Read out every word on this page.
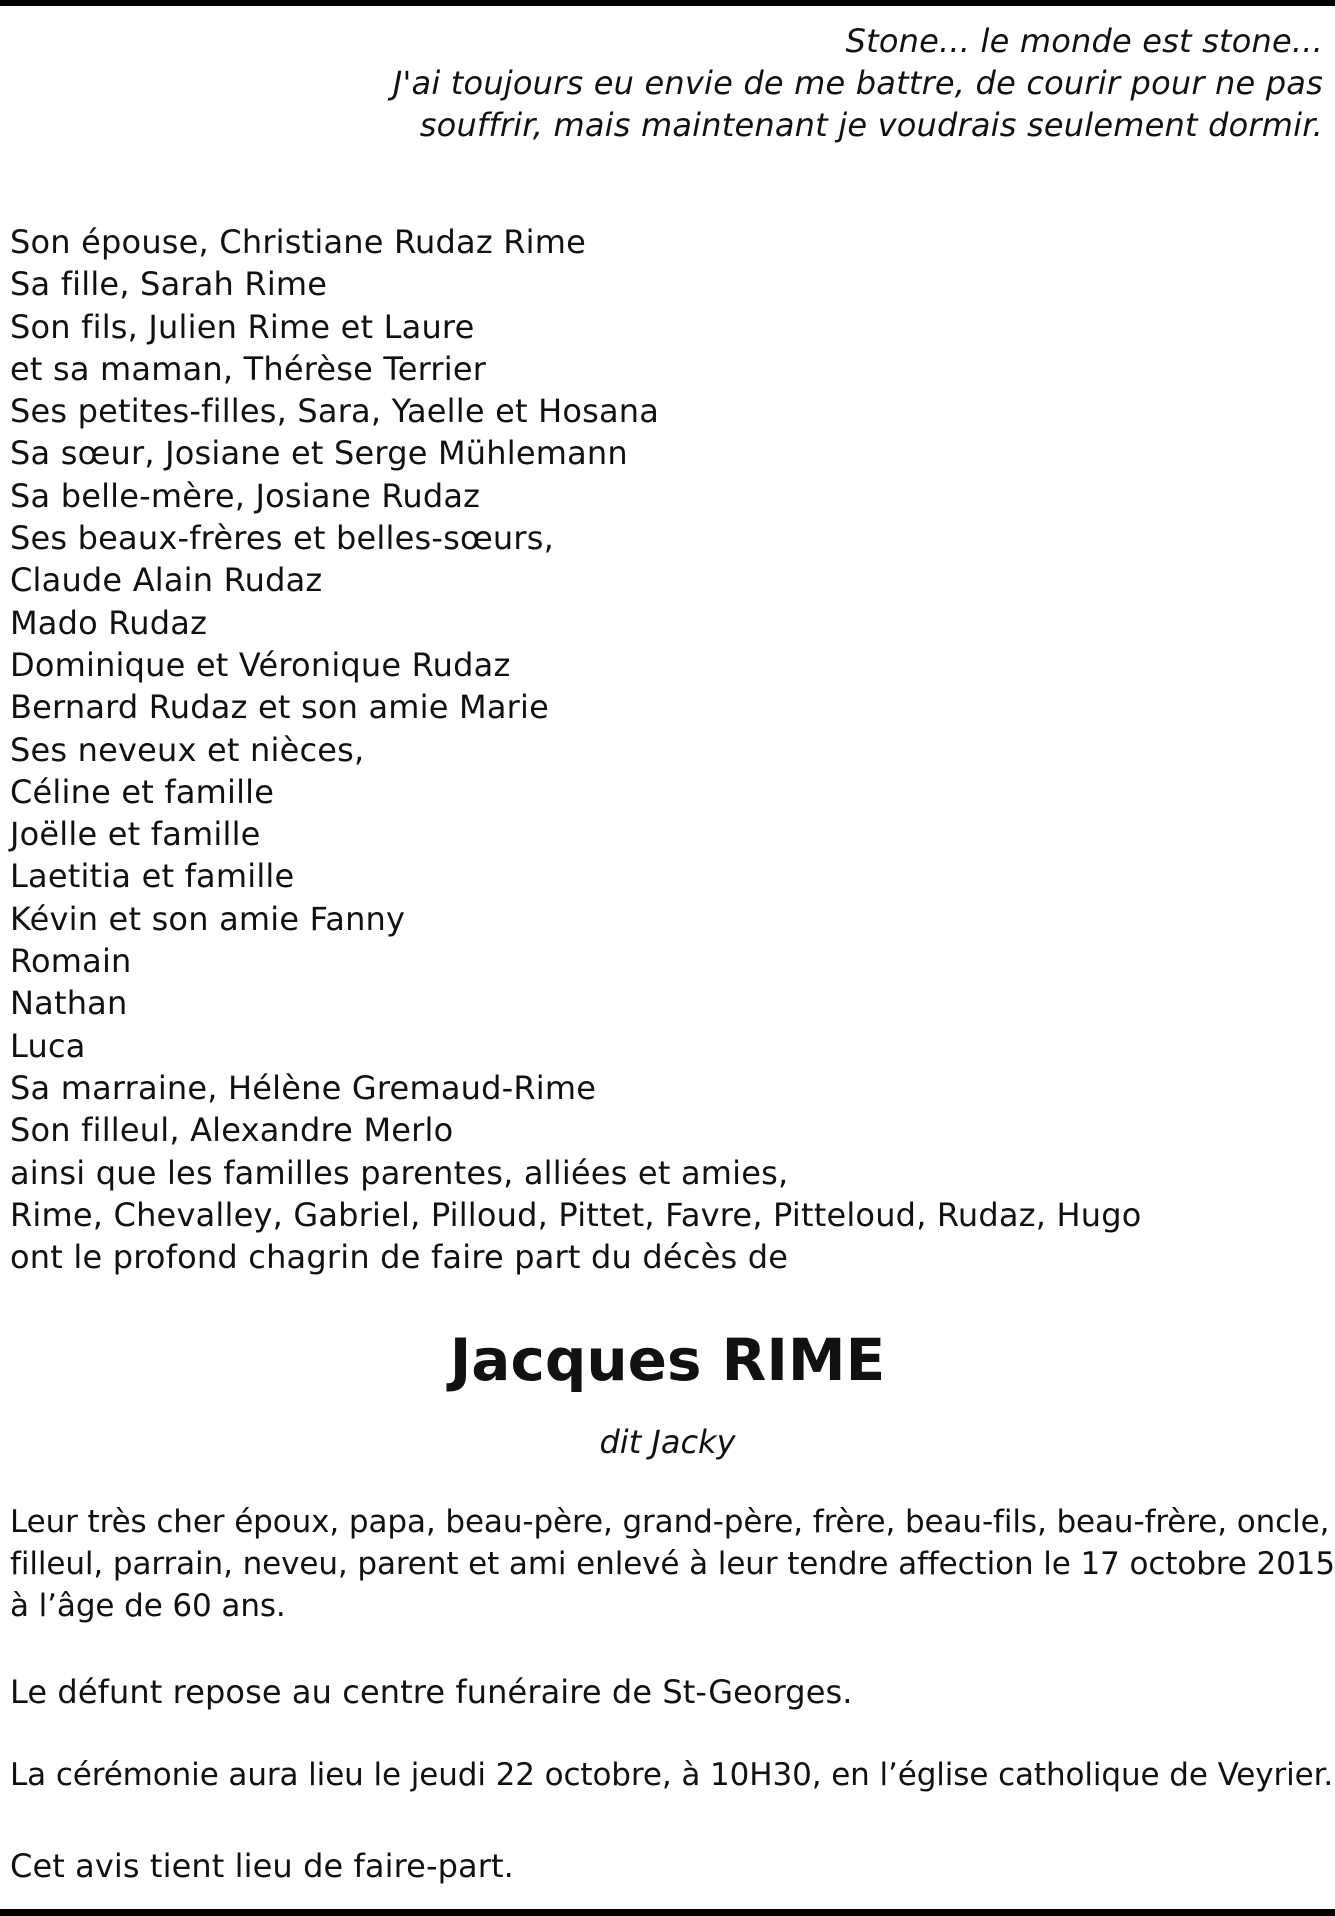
Stone... le monde est stone...
J'ai toujours eu envie de me battre, de courir pour ne pas
souffrir, mais maintenant je voudrais seulement dormir.
Son épouse, Christiane Rudaz Rime
Sa fille, Sarah Rime
Son fils, Julien Rime et Laure
et sa maman, Thérèse Terrier
Ses petites-filles, Sara, Yaelle et Hosana
Sa sœur, Josiane et Serge Mühlemann
Sa belle-mère, Josiane Rudaz
Ses beaux-frères et belles-sœurs,
Claude Alain Rudaz
Mado Rudaz
Dominique et Véronique Rudaz
Bernard Rudaz et son amie Marie
Ses neveux et nièces,
Céline et famille
Joëlle et famille
Laetitia et famille
Kévin et son amie Fanny
Romain
Nathan
Luca
Sa marraine, Hélène Gremaud-Rime
Son filleul, Alexandre Merlo
ainsi que les familles parentes, alliées et amies,
Rime, Chevalley, Gabriel, Pilloud, Pittet, Favre, Pitteloud, Rudaz, Hugo
ont le profond chagrin de faire part du décès de
Jacques RIME
dit Jacky
Leur très cher époux, papa, beau-père, grand-père, frère, beau-fils, beau-frère, oncle,
filleul, parrain, neveu, parent et ami enlevé à leur tendre affection le 17 octobre 2015
à l’âge de 60 ans.
Le défunt repose au centre funéraire de St-Georges.
La cérémonie aura lieu le jeudi 22 octobre, à 10H30, en l’église catholique de Veyrier.
Cet avis tient lieu de faire-part.
